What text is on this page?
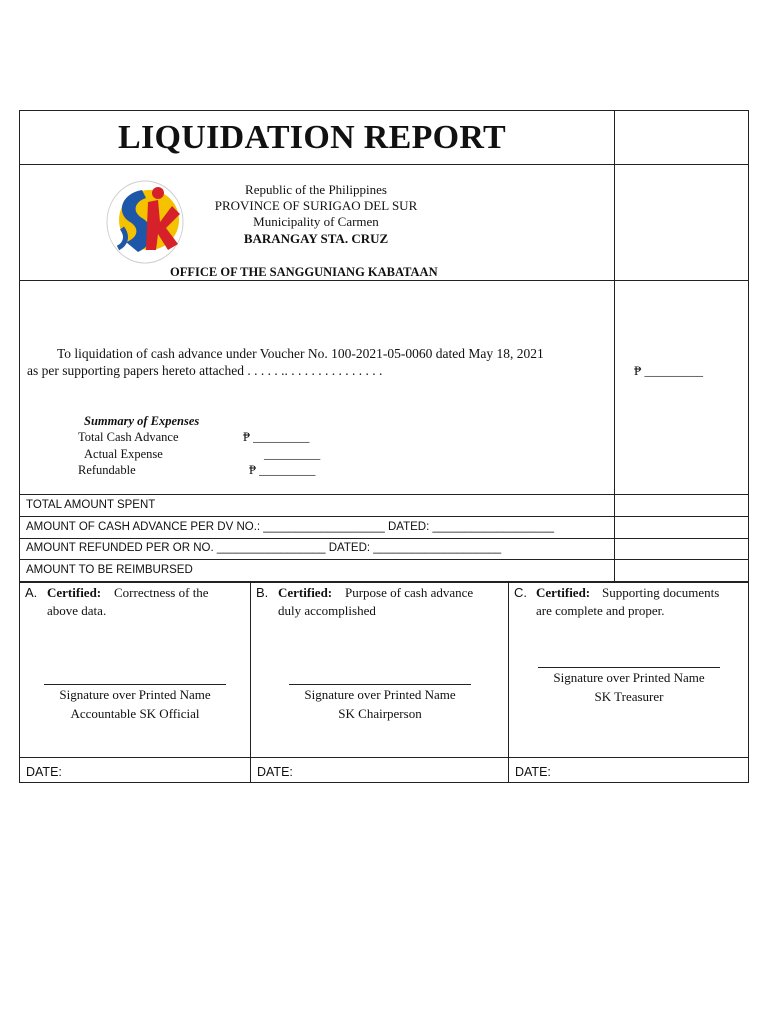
LIQUIDATION REPORT
Republic of the Philippines
PROVINCE OF SURIGAO DEL SUR
Municipality of Carmen
BARANGAY STA. CRUZ
OFFICE OF THE SANGGUNIANG KABATAAN
To liquidation of cash advance under Voucher No. 100-2021-05-0060 dated May 18, 2021
as per supporting papers hereto attached . . . . . .. . . . . . . . . . . . . . .	₱ _________
Summary of Expenses
Total Cash Advance	₱ _________
Actual Expense	_________
Refundable	₱ _________
TOTAL AMOUNT SPENT
AMOUNT OF CASH ADVANCE PER DV NO.: ___________________ DATED: ___________________
AMOUNT REFUNDED PER OR NO. _________________ DATED: ____________________
AMOUNT TO BE REIMBURSED
A. Certified: Correctness of the
above data.
Signature over Printed Name
Accountable SK Official
DATE:
B. Certified: Purpose of cash advance
duly accomplished
Signature over Printed Name
SK Chairperson
DATE:
C. Certified: Supporting documents
are complete and proper.
Signature over Printed Name
SK Treasurer
DATE:
